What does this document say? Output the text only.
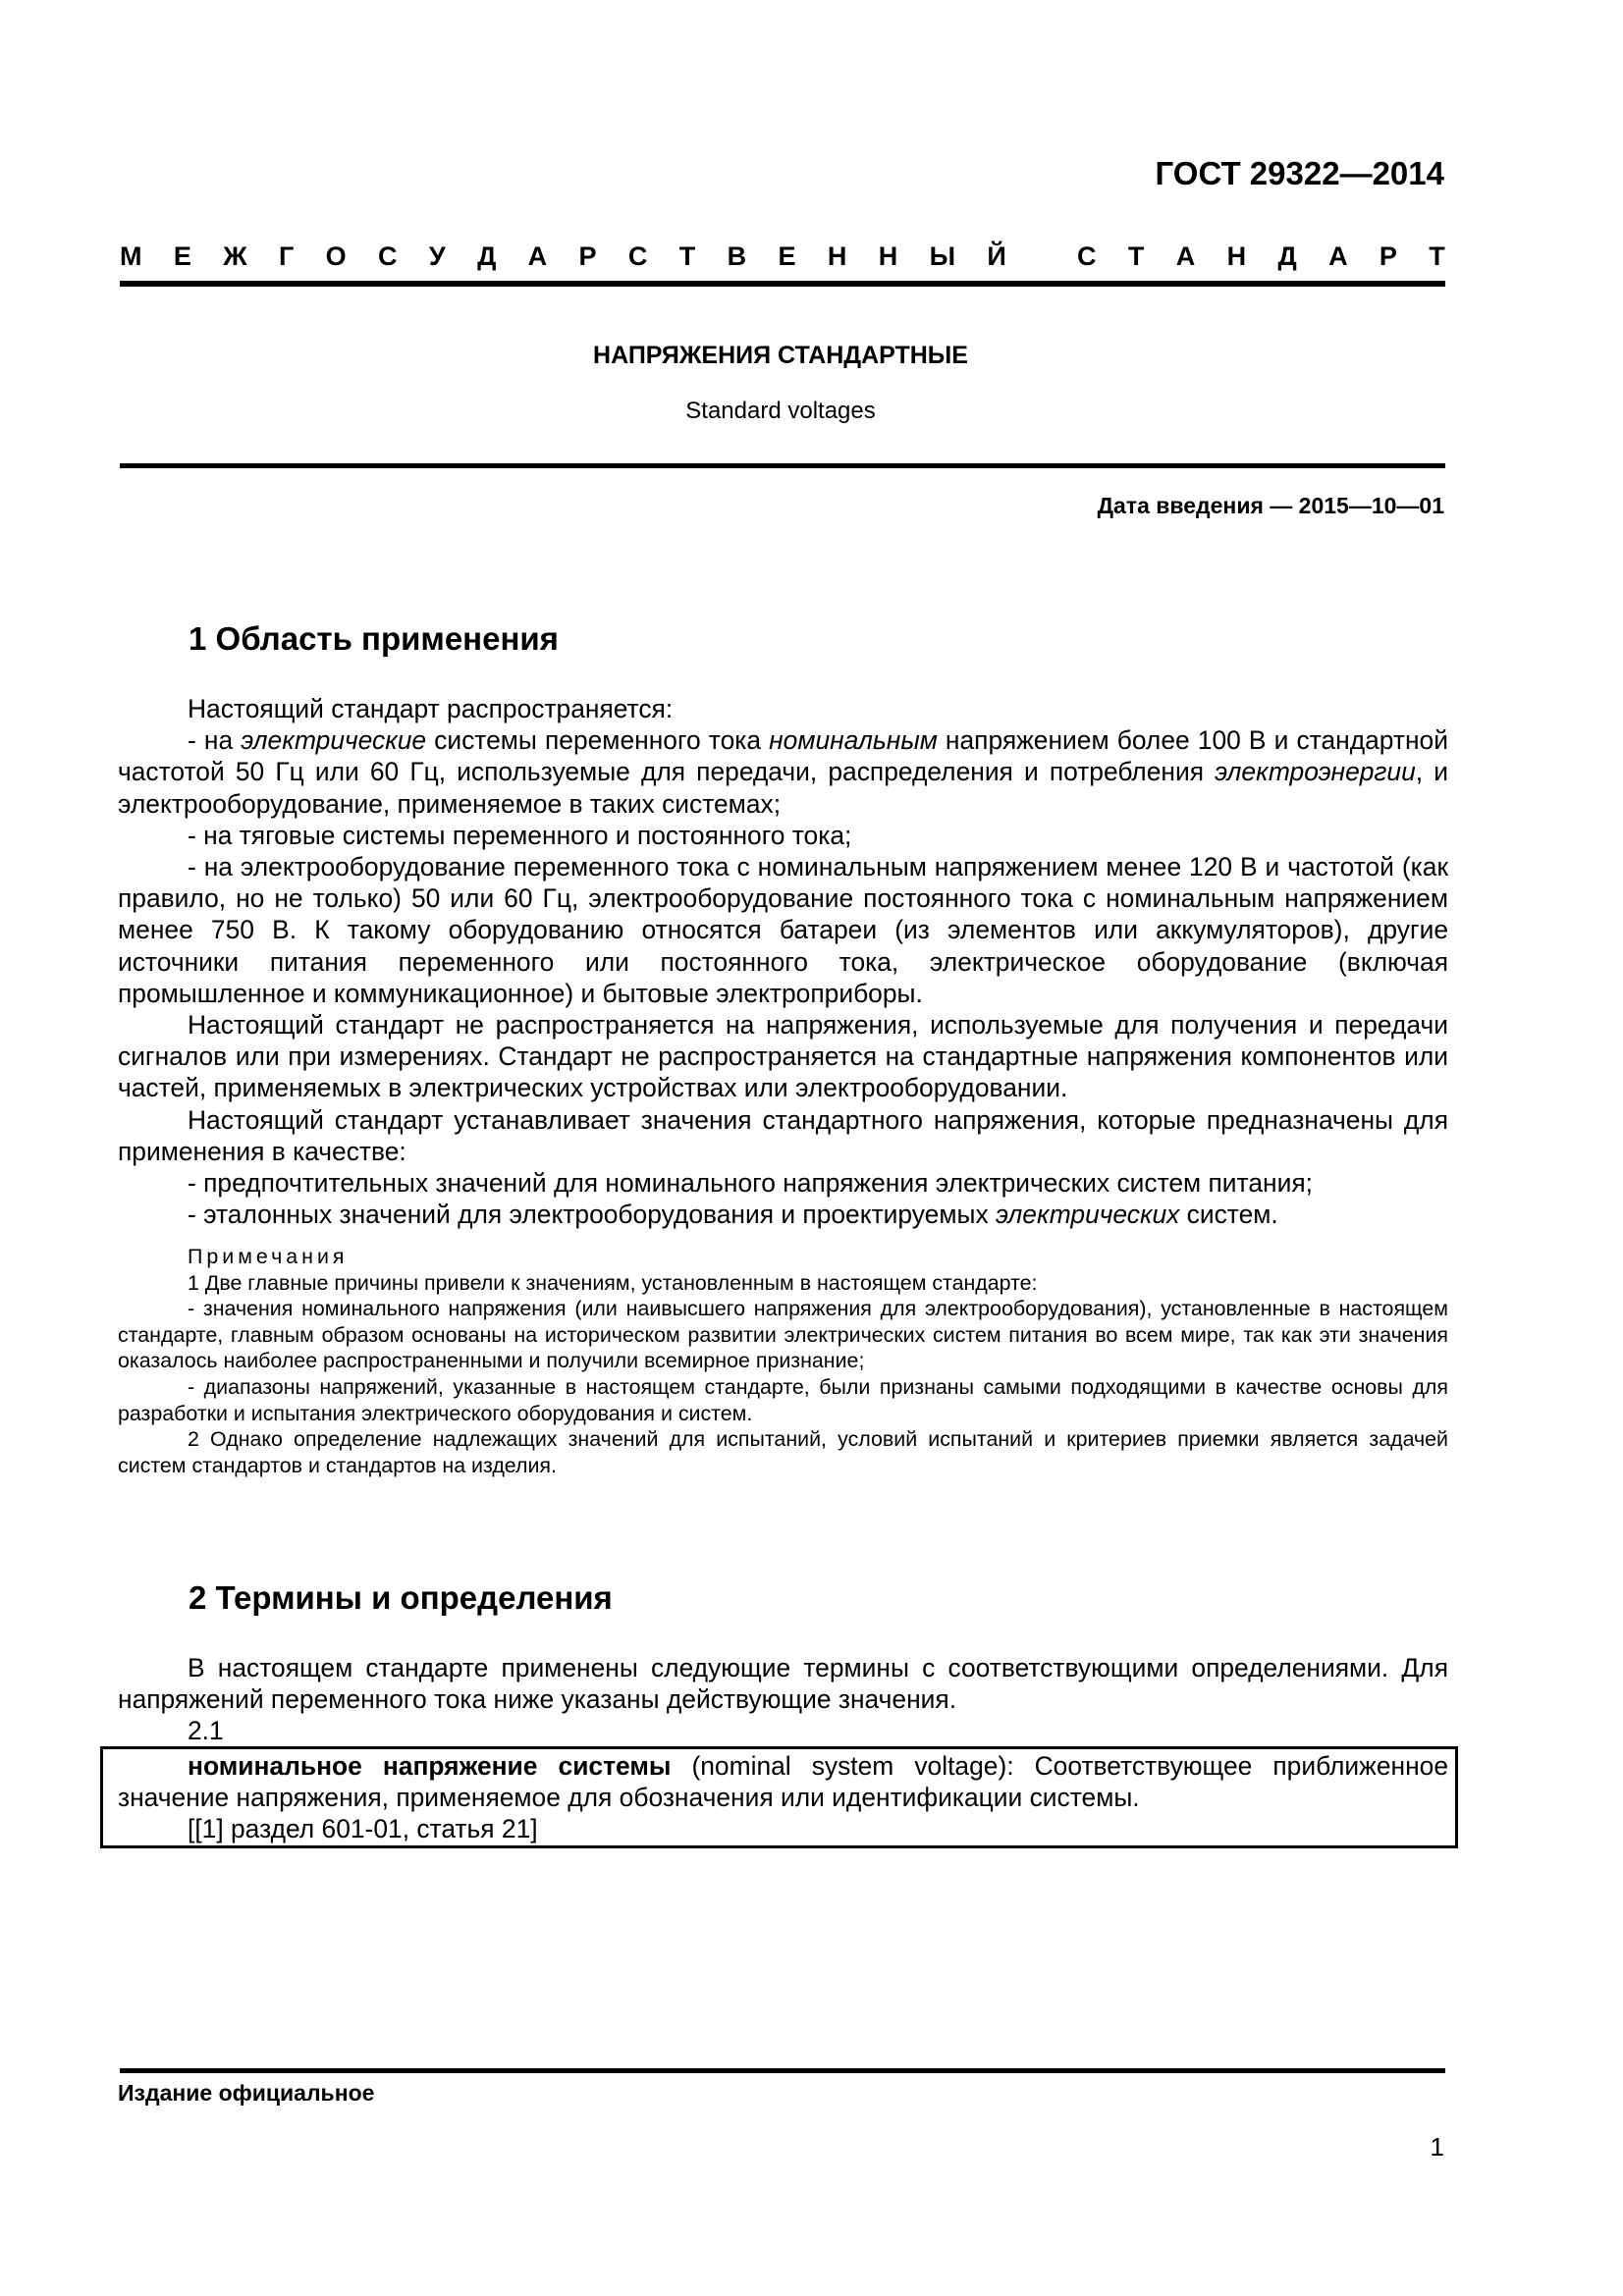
ГОСТ 29322—2014
М Е Ж Г О С У Д А Р С Т В Е Н Н Ы Й
	С Т А Н Д А Р Т
НАПРЯЖЕНИЯ СТАНДАРТНЫЕ
Standard voltages
Дата введения — 2015—10—01
1 Область применения

Настоящий стандарт распространяется:

- на электрические системы переменного тока номинальным напряжением более 100 В и стандартной частотой 50 Гц или 60 Гц, используемые для передачи, распределения и потребления электроэнергии, и электрооборудование, применяемое в таких системах;

- на тяговые системы переменного и постоянного тока;

- на электрооборудование переменного тока с номинальным напряжением менее 120 В и частотой (как правило, но не только) 50 или 60 Гц, электрооборудование постоянного тока с номинальным напряжением менее 750 В. К такому оборудованию относятся батареи (из элементов или аккумуляторов), другие источники питания переменного или постоянного тока, электрическое оборудование (включая промышленное и коммуникационное) и бытовые электроприборы.

Настоящий стандарт не распространяется на напряжения, используемые для получения и передачи сигналов или при измерениях. Стандарт не распространяется на стандартные напряжения компонентов или частей, применяемых в электрических устройствах или электрооборудовании.

Настоящий стандарт устанавливает значения стандартного напряжения, которые предназначены для применения в качестве:

- предпочтительных значений для номинального напряжения электрических систем питания;

- эталонных значений для электрооборудования и проектируемых электрических систем.

Примечания

1 Две главные причины привели к значениям, установленным в настоящем стандарте:

- значения номинального напряжения (или наивысшего напряжения для электрооборудования), установленные в настоящем стандарте, главным образом основаны на историческом развитии электрических систем питания во всем мире, так как эти значения оказалось наиболее распространенными и получили всемирное признание;

- диапазоны напряжений, указанные в настоящем стандарте, были признаны самыми подходящими в качестве основы для разработки и испытания электрического оборудования и систем.

2 Однако определение надлежащих значений для испытаний, условий испытаний и критериев приемки является задачей систем стандартов и стандартов на изделия.

2 Термины и определения

В настоящем стандарте применены следующие термины с соответствующими определениями. Для напряжений переменного тока ниже указаны действующие значения.

2.1

номинальное напряжение системы (nominal system voltage): Соответствующее приближенное значение напряжения, применяемое для обозначения или идентификации системы.

[[1] раздел 601-01, статья 21]

Издание официальное
1
